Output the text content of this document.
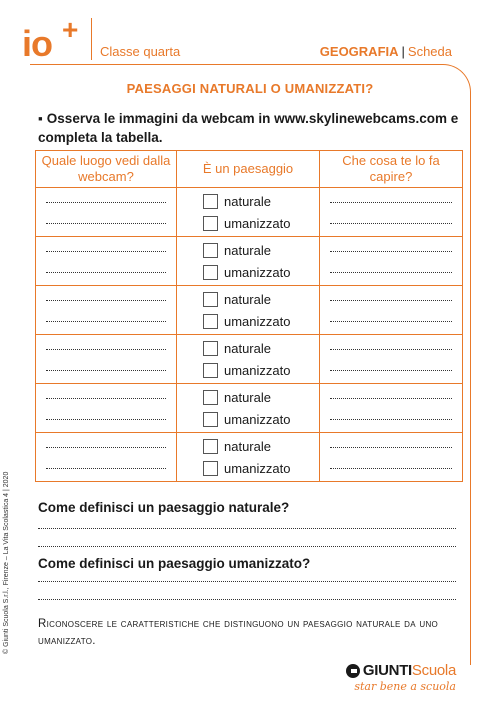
io +
Classe quarta	GEOGRAFIA | Scheda
PAESAGGI NATURALI O UMANIZZATI?
▪ Osserva le immagini da webcam in www.skylinewebcams.com e completa la tabella.
Quale luogo vedi dalla webcam?	È un paesaggio	Che cosa te lo fa capire?

	naturale
umanizzato	

	naturale
umanizzato	

	naturale
umanizzato	

	naturale
umanizzato	

	naturale
umanizzato	

	naturale
umanizzato	

Come definisci un paesaggio naturale?
Come definisci un paesaggio umanizzato?
Riconoscere le caratteristiche che distinguono un paesaggio naturale da uno umanizzato.
© Giunti Scuola S.r.l., Firenze – La Vita Scolastica 4 | 2020
GIUNTI Scuola
star bene a scuola
